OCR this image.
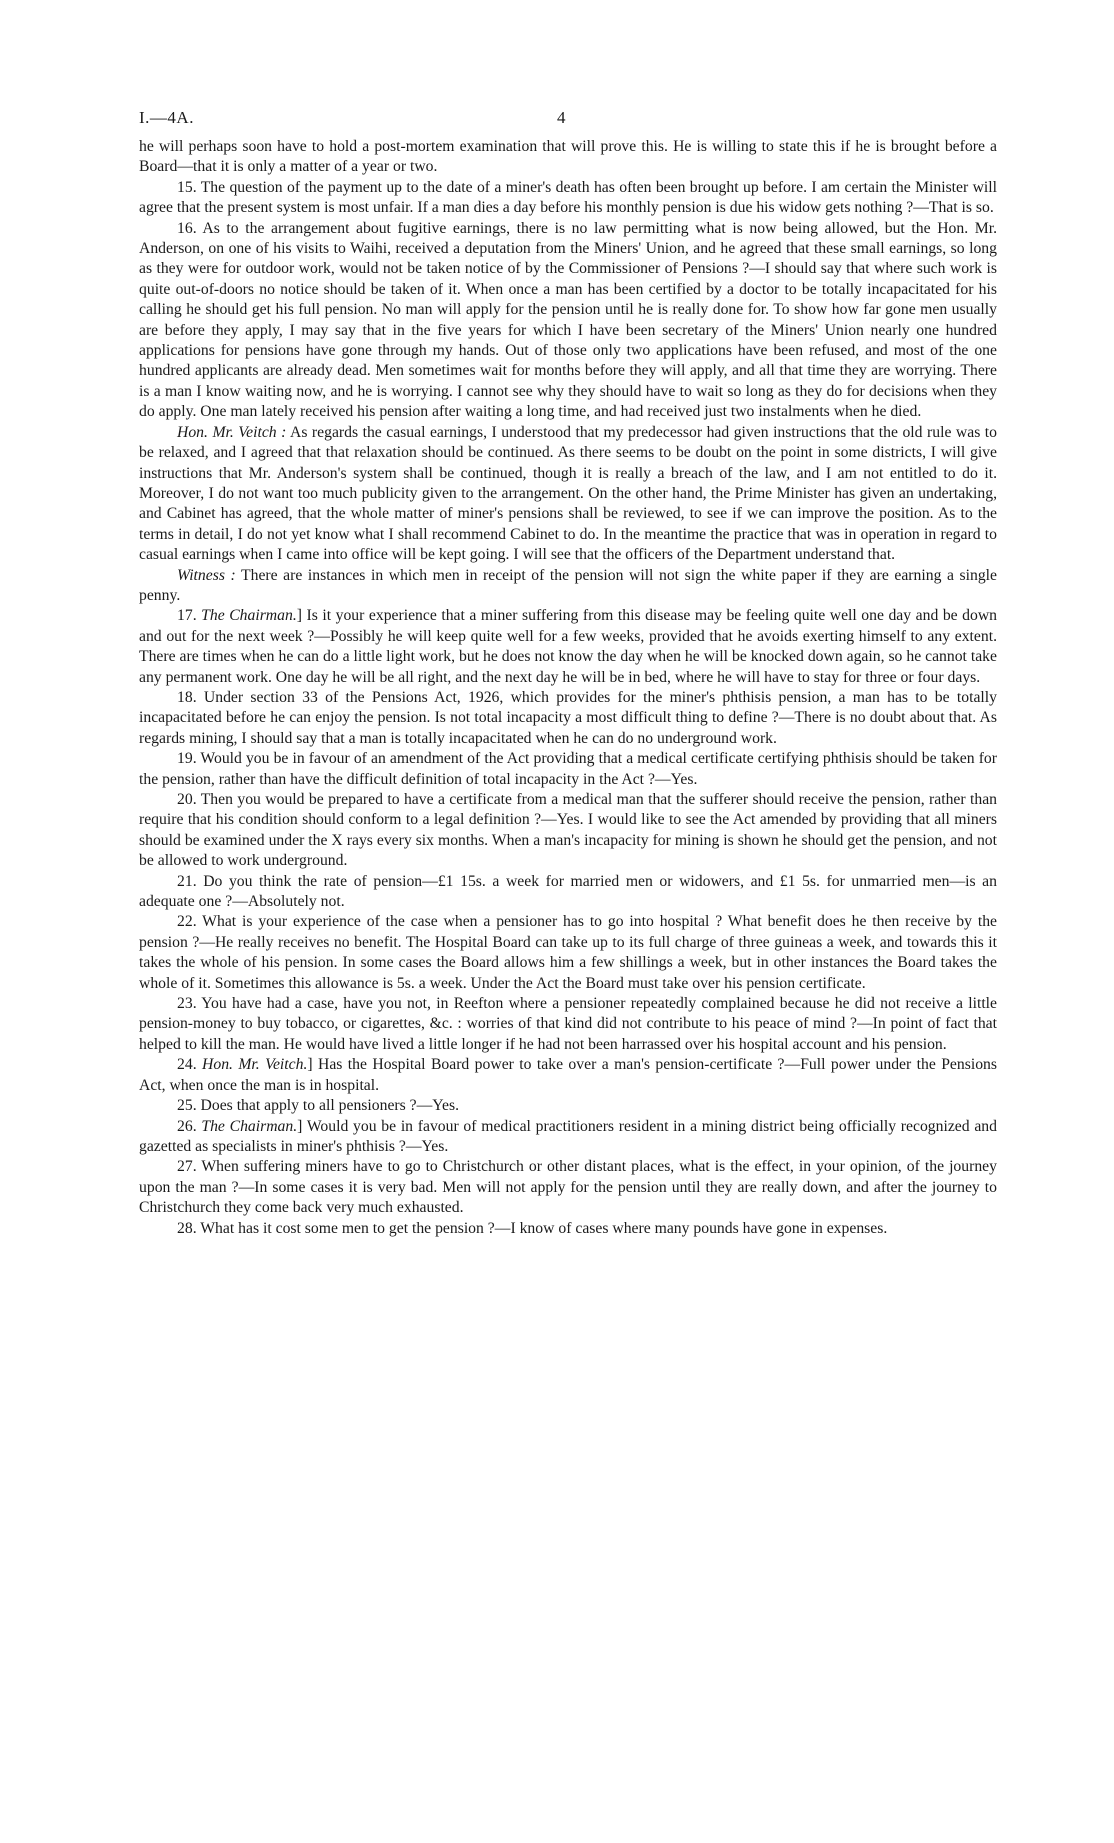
I.—4A.	4

he will perhaps soon have to hold a post-mortem examination that will prove this. He is willing to state this if he is brought before a Board—that it is only a matter of a year or two.

15. The question of the payment up to the date of a miner's death has often been brought up before. I am certain the Minister will agree that the present system is most unfair. If a man dies a day before his monthly pension is due his widow gets nothing ?—That is so.

16. As to the arrangement about fugitive earnings, there is no law permitting what is now being allowed, but the Hon. Mr. Anderson, on one of his visits to Waihi, received a deputation from the Miners' Union, and he agreed that these small earnings, so long as they were for outdoor work, would not be taken notice of by the Commissioner of Pensions ?—I should say that where such work is quite out-of-doors no notice should be taken of it. When once a man has been certified by a doctor to be totally incapacitated for his calling he should get his full pension. No man will apply for the pension until he is really done for. To show how far gone men usually are before they apply, I may say that in the five years for which I have been secretary of the Miners' Union nearly one hundred applications for pensions have gone through my hands. Out of those only two applications have been refused, and most of the one hundred applicants are already dead. Men sometimes wait for months before they will apply, and all that time they are worrying. There is a man I know waiting now, and he is worrying. I cannot see why they should have to wait so long as they do for decisions when they do apply. One man lately received his pension after waiting a long time, and had received just two instalments when he died.

Hon. Mr. Veitch : As regards the casual earnings, I understood that my predecessor had given instructions that the old rule was to be relaxed, and I agreed that that relaxation should be continued. As there seems to be doubt on the point in some districts, I will give instructions that Mr. Anderson's system shall be continued, though it is really a breach of the law, and I am not entitled to do it. Moreover, I do not want too much publicity given to the arrangement. On the other hand, the Prime Minister has given an undertaking, and Cabinet has agreed, that the whole matter of miner's pensions shall be reviewed, to see if we can improve the position. As to the terms in detail, I do not yet know what I shall recommend Cabinet to do. In the meantime the practice that was in operation in regard to casual earnings when I came into office will be kept going. I will see that the officers of the Department understand that.

Witness : There are instances in which men in receipt of the pension will not sign the white paper if they are earning a single penny.

17. The Chairman.] Is it your experience that a miner suffering from this disease may be feeling quite well one day and be down and out for the next week ?—Possibly he will keep quite well for a few weeks, provided that he avoids exerting himself to any extent. There are times when he can do a little light work, but he does not know the day when he will be knocked down again, so he cannot take any permanent work. One day he will be all right, and the next day he will be in bed, where he will have to stay for three or four days.

18. Under section 33 of the Pensions Act, 1926, which provides for the miner's phthisis pension, a man has to be totally incapacitated before he can enjoy the pension. Is not total incapacity a most difficult thing to define ?—There is no doubt about that. As regards mining, I should say that a man is totally incapacitated when he can do no underground work.

19. Would you be in favour of an amendment of the Act providing that a medical certificate certifying phthisis should be taken for the pension, rather than have the difficult definition of total incapacity in the Act ?—Yes.

20. Then you would be prepared to have a certificate from a medical man that the sufferer should receive the pension, rather than require that his condition should conform to a legal definition ?—Yes. I would like to see the Act amended by providing that all miners should be examined under the X rays every six months. When a man's incapacity for mining is shown he should get the pension, and not be allowed to work underground.

21. Do you think the rate of pension—£1 15s. a week for married men or widowers, and £1 5s. for unmarried men—is an adequate one ?—Absolutely not.

22. What is your experience of the case when a pensioner has to go into hospital ? What benefit does he then receive by the pension ?—He really receives no benefit. The Hospital Board can take up to its full charge of three guineas a week, and towards this it takes the whole of his pension. In some cases the Board allows him a few shillings a week, but in other instances the Board takes the whole of it. Sometimes this allowance is 5s. a week. Under the Act the Board must take over his pension certificate.

23. You have had a case, have you not, in Reefton where a pensioner repeatedly complained because he did not receive a little pension-money to buy tobacco, or cigarettes, &c. : worries of that kind did not contribute to his peace of mind ?—In point of fact that helped to kill the man. He would have lived a little longer if he had not been harrassed over his hospital account and his pension.

24. Hon. Mr. Veitch.] Has the Hospital Board power to take over a man's pension-certificate ?—Full power under the Pensions Act, when once the man is in hospital.

25. Does that apply to all pensioners ?—Yes.

26. The Chairman.] Would you be in favour of medical practitioners resident in a mining district being officially recognized and gazetted as specialists in miner's phthisis ?—Yes.

27. When suffering miners have to go to Christchurch or other distant places, what is the effect, in your opinion, of the journey upon the man ?—In some cases it is very bad. Men will not apply for the pension until they are really down, and after the journey to Christchurch they come back very much exhausted.

28. What has it cost some men to get the pension ?—I know of cases where many pounds have gone in expenses.
